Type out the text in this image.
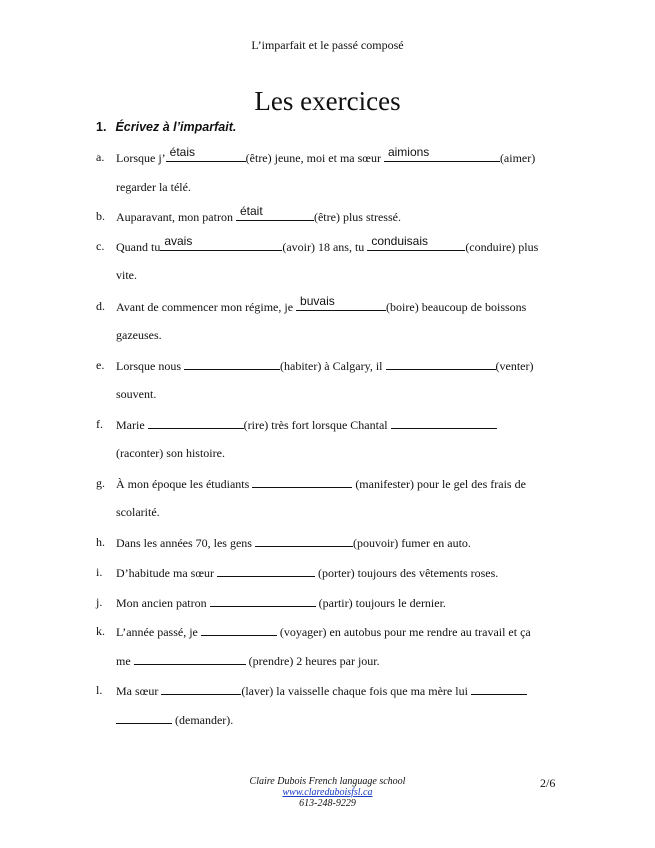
L’imparfait et le passé composé
Les exercices
1. Écrivez à l’imparfait.
a. Lorsque j’ étais	(être) jeune, moi et ma sœur aimions	(aimer)
regarder la télé.
b. Auparavant, mon patron était	(être) plus stressé.
c. Quand tu avais	(avoir) 18 ans, tu conduisais	(conduire) plus
vite.
d. Avant de commencer mon régime, je buvais	(boire) beaucoup de boissons
gazeuses.
e. Lorsque nous	(habiter) à Calgary, il	(venter)
souvent.
f.	Marie	(rire) très fort lorsque Chantal
(raconter) son histoire.
g. À mon époque les étudiants	(manifester) pour le gel des frais de
scolarité.
h. Dans les années 70, les gens	(pouvoir) fumer en auto.
i.	D’habitude ma sœur	(porter) toujours des vêtements roses.
j.	Mon ancien patron	(partir) toujours le dernier.
k. L’année passé, je	(voyager) en autobus pour me rendre au travail et ça
me	(prendre) 2 heures par jour.
l.	Ma sœur	(laver) la vaisselle chaque fois que ma mère lui
(demander).
Claire Dubois French language school
www.clareduboisfsl.ca
613-248-9229
2/6
